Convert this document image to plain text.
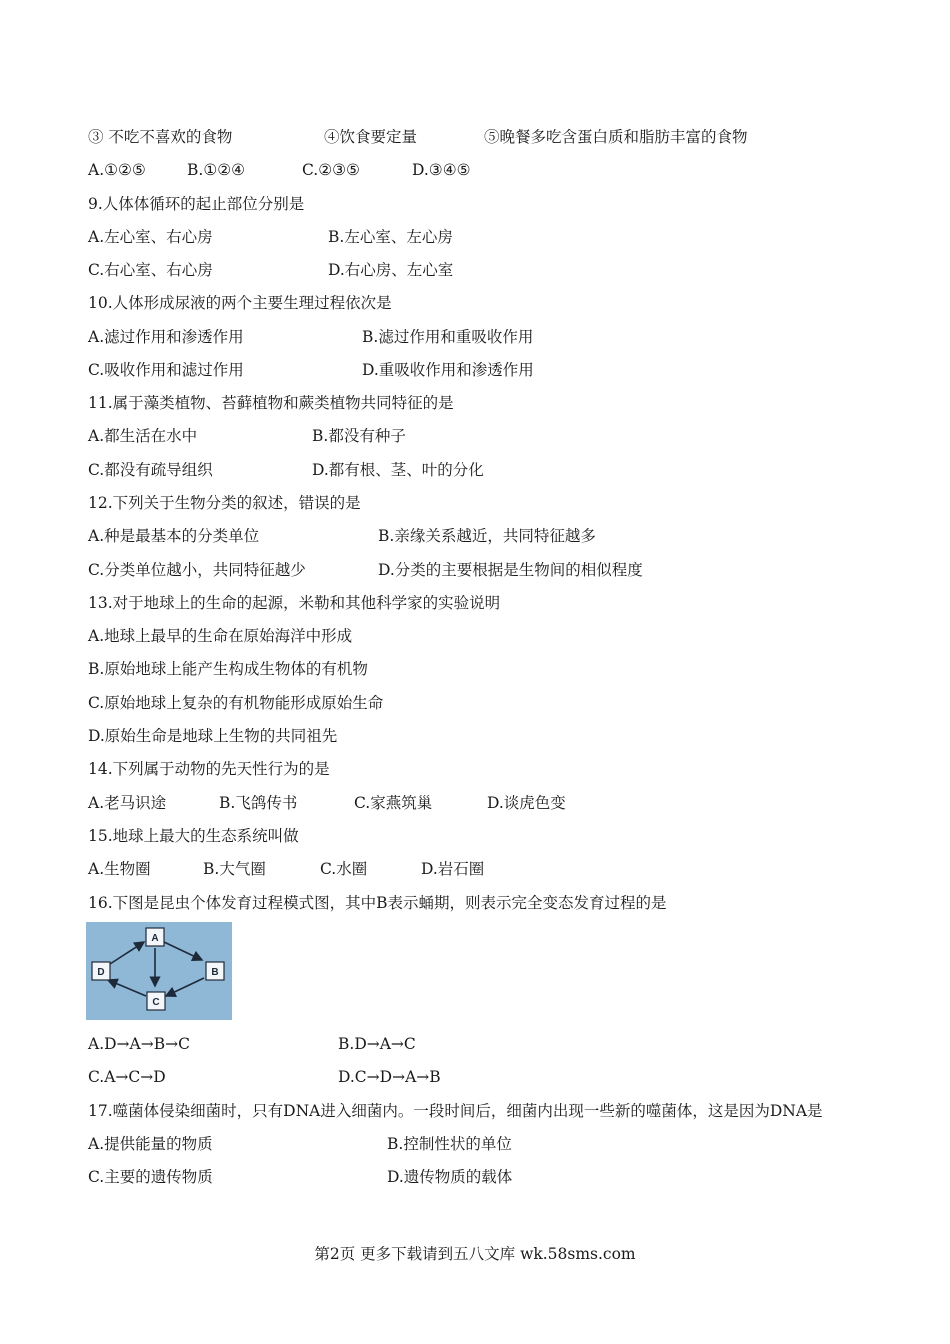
③ 不吃不喜欢的食物	④饮食要定量	⑤晚餐多吃含蛋白质和脂肪丰富的食物
A.①②⑤	B.①②④	C.②③⑤	D.③④⑤
9.人体体循环的起止部位分别是
A.左心室、右心房	B.左心室、左心房
C.右心室、右心房	D.右心房、左心室
10.人体形成尿液的两个主要生理过程依次是
A.滤过作用和渗透作用	B.滤过作用和重吸收作用
C.吸收作用和滤过作用	D.重吸收作用和渗透作用
11.属于藻类植物、苔藓植物和蕨类植物共同特征的是
A.都生活在水中	B.都没有种子
C.都没有疏导组织	D.都有根、茎、叶的分化
12.下列关于生物分类的叙述，错误的是
A.种是最基本的分类单位	B.亲缘关系越近，共同特征越多
C.分类单位越小，共同特征越少	D.分类的主要根据是生物间的相似程度
13.对于地球上的生命的起源，米勒和其他科学家的实验说明
A.地球上最早的生命在原始海洋中形成
B.原始地球上能产生构成生物体的有机物
C.原始地球上复杂的有机物能形成原始生命
D.原始生命是地球上生物的共同祖先
14.下列属于动物的先天性行为的是
A.老马识途	B.飞鸽传书	C.家燕筑巢	D.谈虎色变
15.地球上最大的生态系统叫做
A.生物圈	B.大气圈	C.水圈	D.岩石圈
16.下图是昆虫个体发育过程模式图，其中B表示蛹期，则表示完全变态发育过程的是
A
B
C
D
A.D→A→B→C	B.D→A→C
C.A→C→D	D.C→D→A→B
17.噬菌体侵染细菌时，只有DNA进入细菌内。一段时间后，细菌内出现一些新的噬菌体，这是因为DNA是
A.提供能量的物质	B.控制性状的单位
C.主要的遗传物质	D.遗传物质的载体
第2页 更多下载请到五八文库 wk.58sms.com
